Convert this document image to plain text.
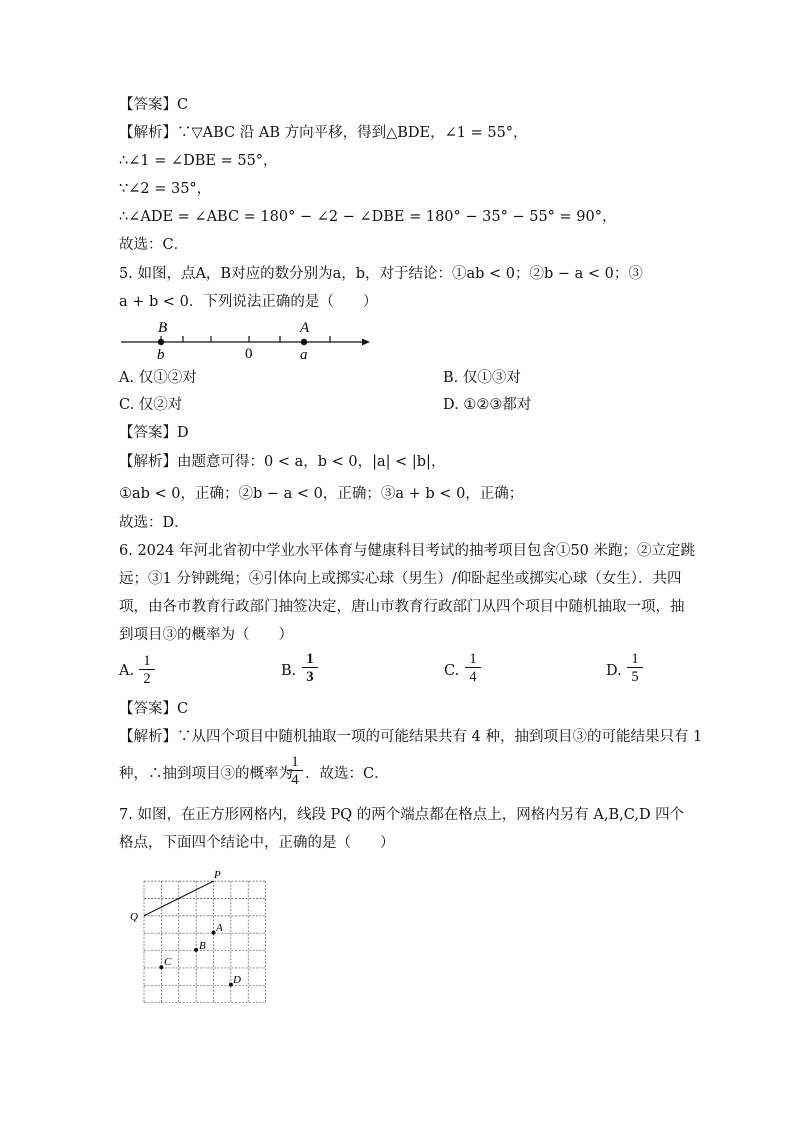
【答案】C
【解析】∵▽ABC 沿 AB 方向平移，得到△BDE，∠1 = 55°，
∴∠1 = ∠DBE = 55°，
∵∠2 = 35°，
∴∠ADE = ∠ABC = 180° − ∠2 − ∠DBE = 180° − 35° − 55° = 90°，
故选：C．
5. 如图，点A，B对应的数分别为a，b，对于结论：①ab < 0；②b − a < 0；③
a + b < 0．下列说法正确的是（　　）
B
b	0
A
a
A. 仅①②对	B. 仅①③对
C. 仅②对	D. ①②③都对
【答案】D
【解析】由题意可得：0 < a，b < 0，|a| < |b|，
①ab < 0，正确；②b − a < 0，正确；③a + b < 0，正确；
故选：D．
6. 2024 年河北省初中学业水平体育与健康科目考试的抽考项目包含①50 米跑；②立定跳
远；③1 分钟跳绳；④引体向上或掷实心球（男生）/仰卧起坐或掷实心球（女生）．共四
项，由各市教育行政部门抽签决定，唐山市教育行政部门从四个项目中随机抽取一项，抽
到项目③的概率为（　　）
A. $\frac{1}{2}$	B. $\frac{1}{3}$	C. $\frac{1}{4}$	D. $\frac{1}{5}$
【答案】C
【解析】∵从四个项目中随机抽取一项的可能结果共有 4 种，抽到项目③的可能结果只有 1
种，∴抽到项目③的概率为
$\frac{1}{4}$ ．故选：C．
7. 如图，在正方形网格内，线段 PQ 的两个端点都在格点上，网格内另有 A,B,C,D 四个
格点，下面四个结论中，正确的是（　　）
P
Q
A
B
C
D
